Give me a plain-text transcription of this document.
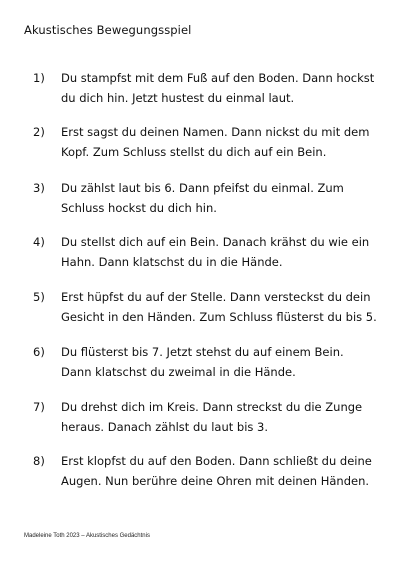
Akustisches Bewegungsspiel
1)	Du stampfst mit dem Fuß auf den Boden. Dann hockst
du dich hin. Jetzt hustest du einmal laut.
2)	Erst sagst du deinen Namen. Dann nickst du mit dem
Kopf. Zum Schluss stellst du dich auf ein Bein.
3)	Du zählst laut bis 6. Dann pfeifst du einmal. Zum
Schluss hockst du dich hin.
4)	Du stellst dich auf ein Bein. Danach krähst du wie ein
Hahn. Dann klatschst du in die Hände.
5)	Erst hüpfst du auf der Stelle. Dann versteckst du dein
Gesicht in den Händen. Zum Schluss flüsterst du bis 5.
6)	Du flüsterst bis 7. Jetzt stehst du auf einem Bein.
Dann klatschst du zweimal in die Hände.
7)	Du drehst dich im Kreis. Dann streckst du die Zunge
heraus. Danach zählst du laut bis 3.
8)	Erst klopfst du auf den Boden. Dann schließt du deine
Augen. Nun berühre deine Ohren mit deinen Händen.
Madeleine Toth 2023 – Akustisches Gedächtnis
